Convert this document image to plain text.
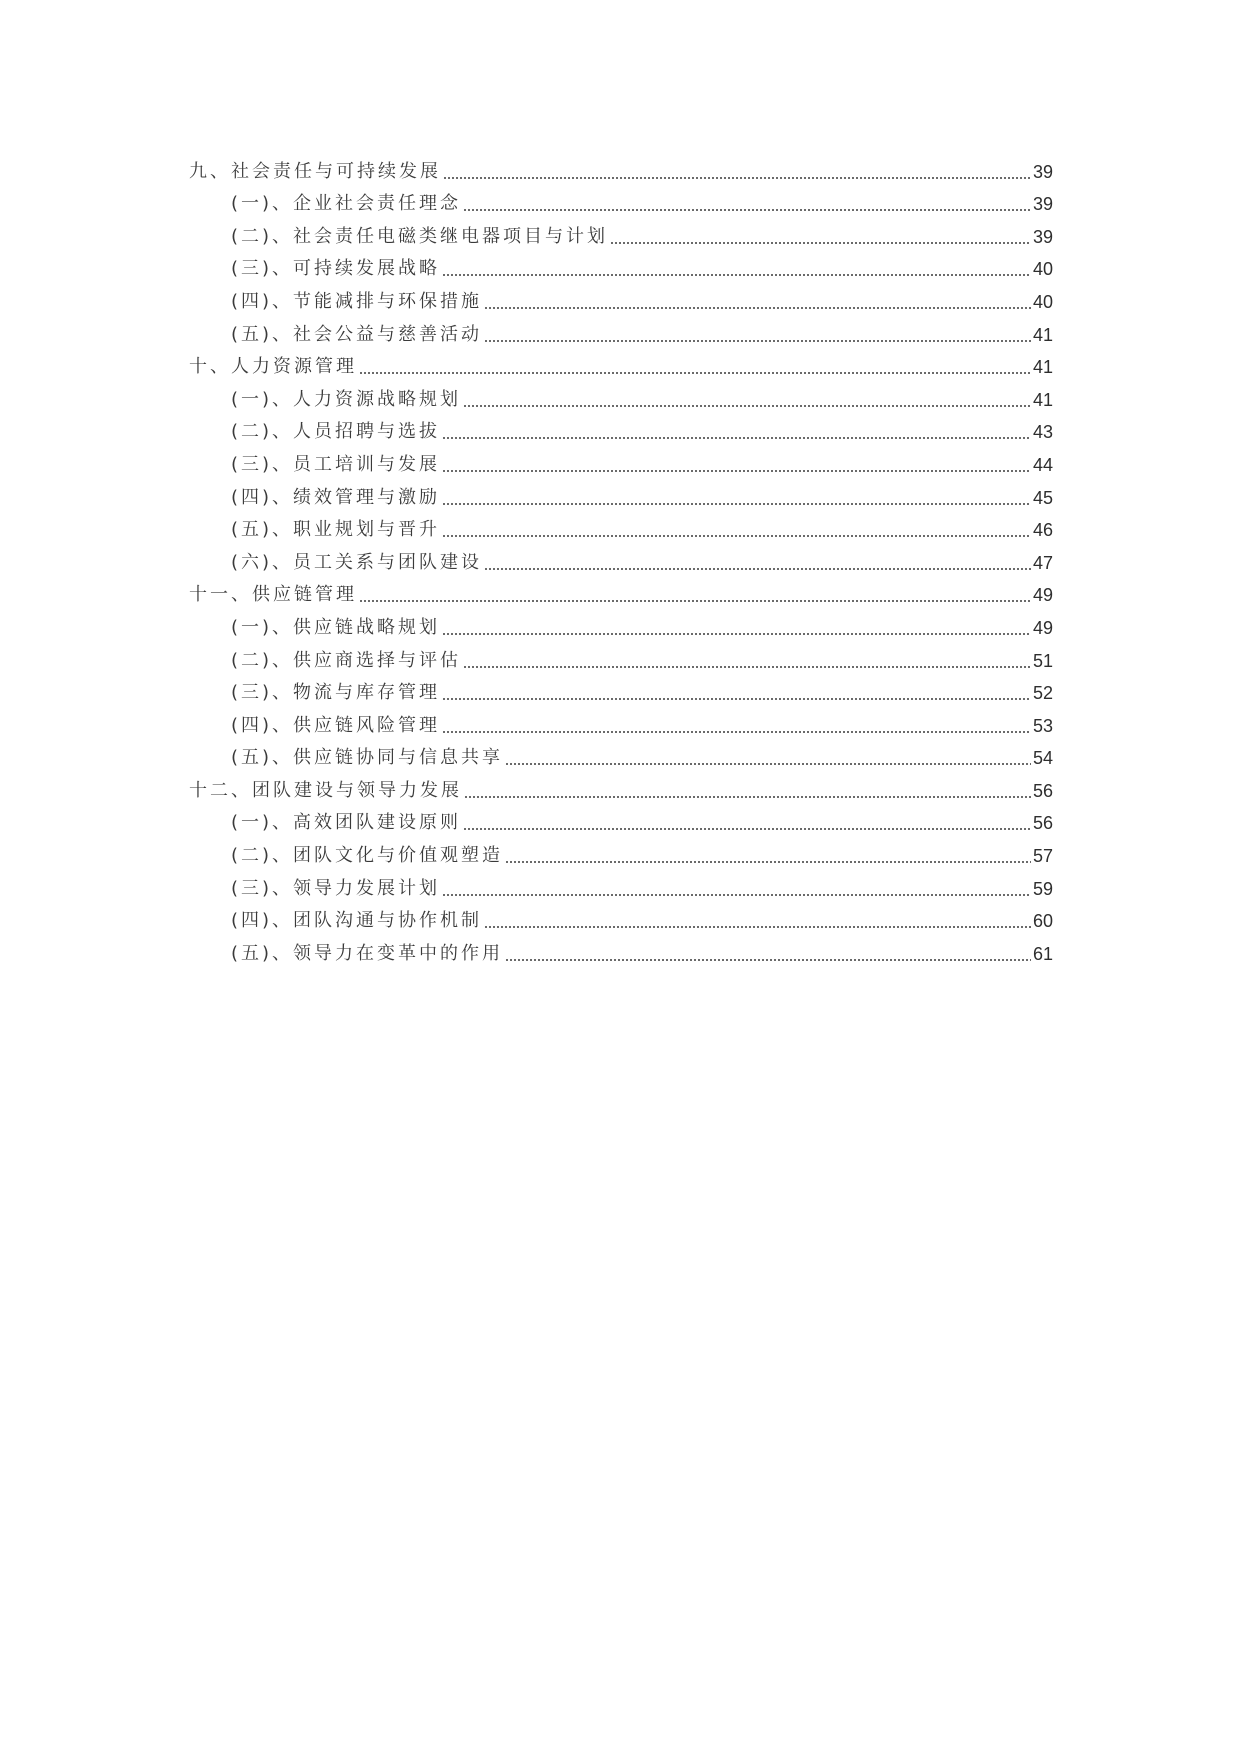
九、社会责任与可持续发展	39
(一)、企业社会责任理念	39
(二)、社会责任电磁类继电器项目与计划	39
(三)、可持续发展战略	40
(四)、节能减排与环保措施	40
(五)、社会公益与慈善活动	41
十、人力资源管理	41
(一)、人力资源战略规划	41
(二)、人员招聘与选拔	43
(三)、员工培训与发展	44
(四)、绩效管理与激励	45
(五)、职业规划与晋升	46
(六)、员工关系与团队建设	47
十一、供应链管理	49
(一)、供应链战略规划	49
(二)、供应商选择与评估	51
(三)、物流与库存管理	52
(四)、供应链风险管理	53
(五)、供应链协同与信息共享	54
十二、团队建设与领导力发展	56
(一)、高效团队建设原则	56
(二)、团队文化与价值观塑造	57
(三)、领导力发展计划	59
(四)、团队沟通与协作机制	60
(五)、领导力在变革中的作用	61
